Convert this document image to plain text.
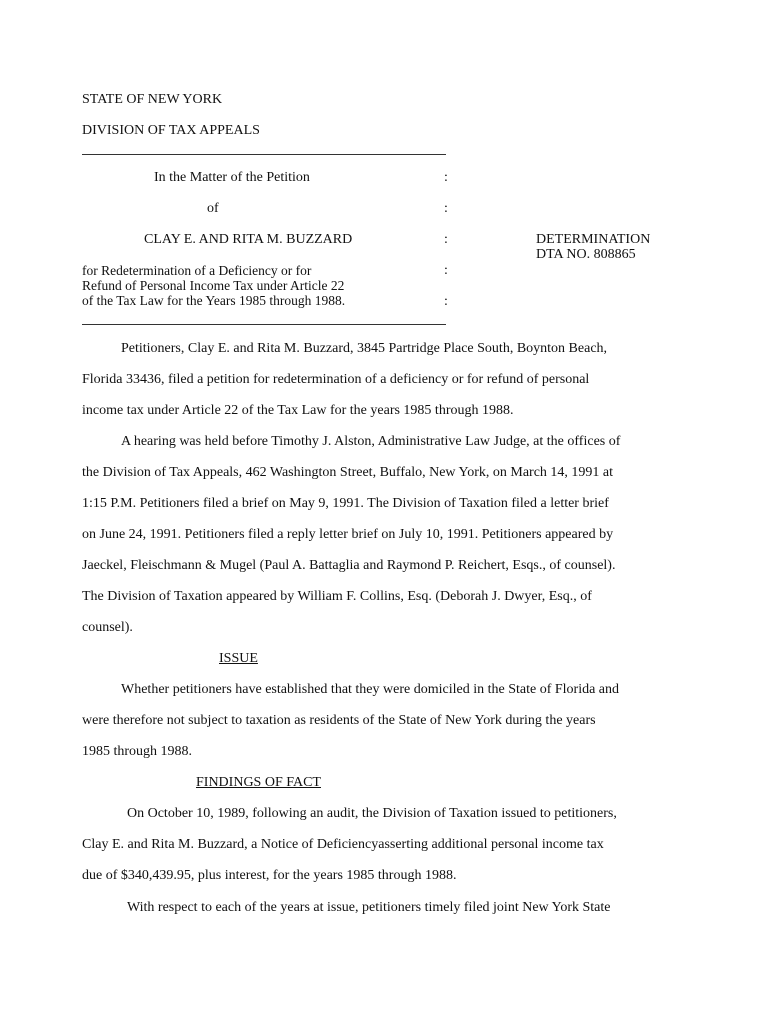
STATE OF NEW YORK
DIVISION OF TAX APPEALS
In the Matter of the Petition	:
of	:
CLAY E. AND RITA M. BUZZARD	:	DETERMINATION
DTA NO. 808865
for Redetermination of a Deficiency or for	:
Refund of Personal Income Tax under Article 22
of the Tax Law for the Years 1985 through 1988.	:
Petitioners, Clay E. and Rita M. Buzzard, 3845 Partridge Place South, Boynton Beach,
Florida 33436, filed a petition for redetermination of a deficiency or for refund of personal
income tax under Article 22 of the Tax Law for the years 1985 through 1988.
A hearing was held before Timothy J. Alston, Administrative Law Judge, at the offices of
the Division of Tax Appeals, 462 Washington Street, Buffalo, New York, on March 14, 1991 at
1:15 P.M. Petitioners filed a brief on May 9, 1991. The Division of Taxation filed a letter brief
on June 24, 1991. Petitioners filed a reply letter brief on July 10, 1991. Petitioners appeared by
Jaeckel, Fleischmann & Mugel (Paul A. Battaglia and Raymond P. Reichert, Esqs., of counsel).
The Division of Taxation appeared by William F. Collins, Esq. (Deborah J. Dwyer, Esq., of
counsel).
ISSUE
Whether petitioners have established that they were domiciled in the State of Florida and
were therefore not subject to taxation as residents of the State of New York during the years
1985 through 1988.
FINDINGS OF FACT
On October 10, 1989, following an audit, the Division of Taxation issued to petitioners,
Clay E. and Rita M. Buzzard, a Notice of Deficiencyasserting additional personal income tax
due of $340,439.95, plus interest, for the years 1985 through 1988.
With respect to each of the years at issue, petitioners timely filed joint New York State
